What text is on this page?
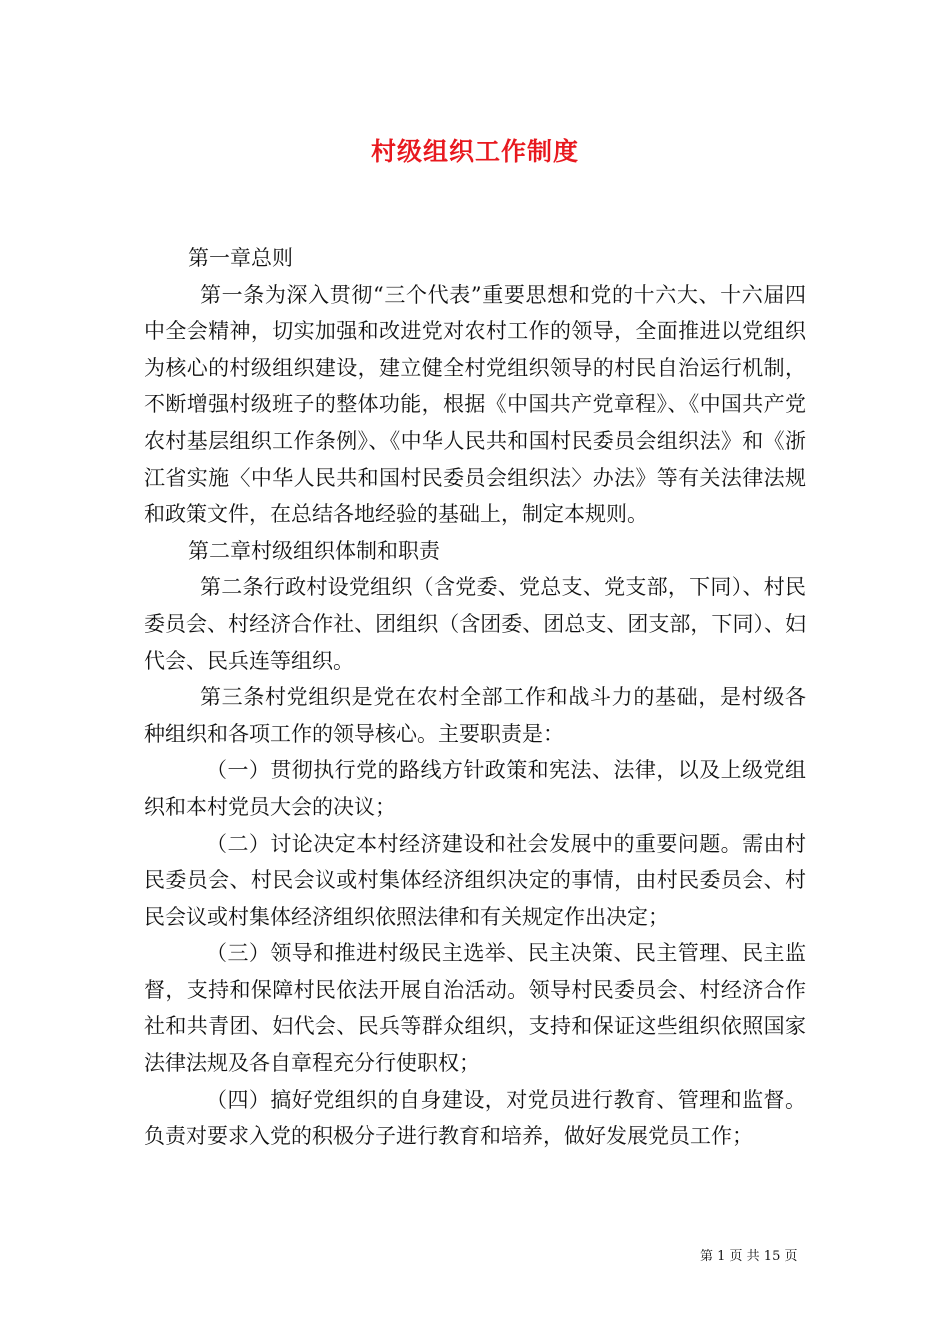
村级组织工作制度

第一章总则

第一条为深入贯彻“三个代表”重要思想和党的十六大、十六届四中全会精神，切实加强和改进党对农村工作的领导，全面推进以党组织为核心的村级组织建设，建立健全村党组织领导的村民自治运行机制，不断增强村级班子的整体功能，根据《中国共产党章程》、《中国共产党农村基层组织工作条例》、《中华人民共和国村民委员会组织法》和《浙江省实施〈中华人民共和国村民委员会组织法〉办法》等有关法律法规和政策文件，在总结各地经验的基础上，制定本规则。

第二章村级组织体制和职责

第二条行政村设党组织（含党委、党总支、党支部，下同）、村民委员会、村经济合作社、团组织（含团委、团总支、团支部，下同）、妇代会、民兵连等组织。

第三条村党组织是党在农村全部工作和战斗力的基础，是村级各种组织和各项工作的领导核心。主要职责是：

（一）贯彻执行党的路线方针政策和宪法、法律，以及上级党组织和本村党员大会的决议；

（二）讨论决定本村经济建设和社会发展中的重要问题。需由村民委员会、村民会议或村集体经济组织决定的事情，由村民委员会、村民会议或村集体经济组织依照法律和有关规定作出决定；

（三）领导和推进村级民主选举、民主决策、民主管理、民主监督，支持和保障村民依法开展自治活动。领导村民委员会、村经济合作社和共青团、妇代会、民兵等群众组织，支持和保证这些组织依照国家法律法规及各自章程充分行使职权；

（四）搞好党组织的自身建设，对党员进行教育、管理和监督。负责对要求入党的积极分子进行教育和培养，做好发展党员工作；

第 1 页 共 15 页
